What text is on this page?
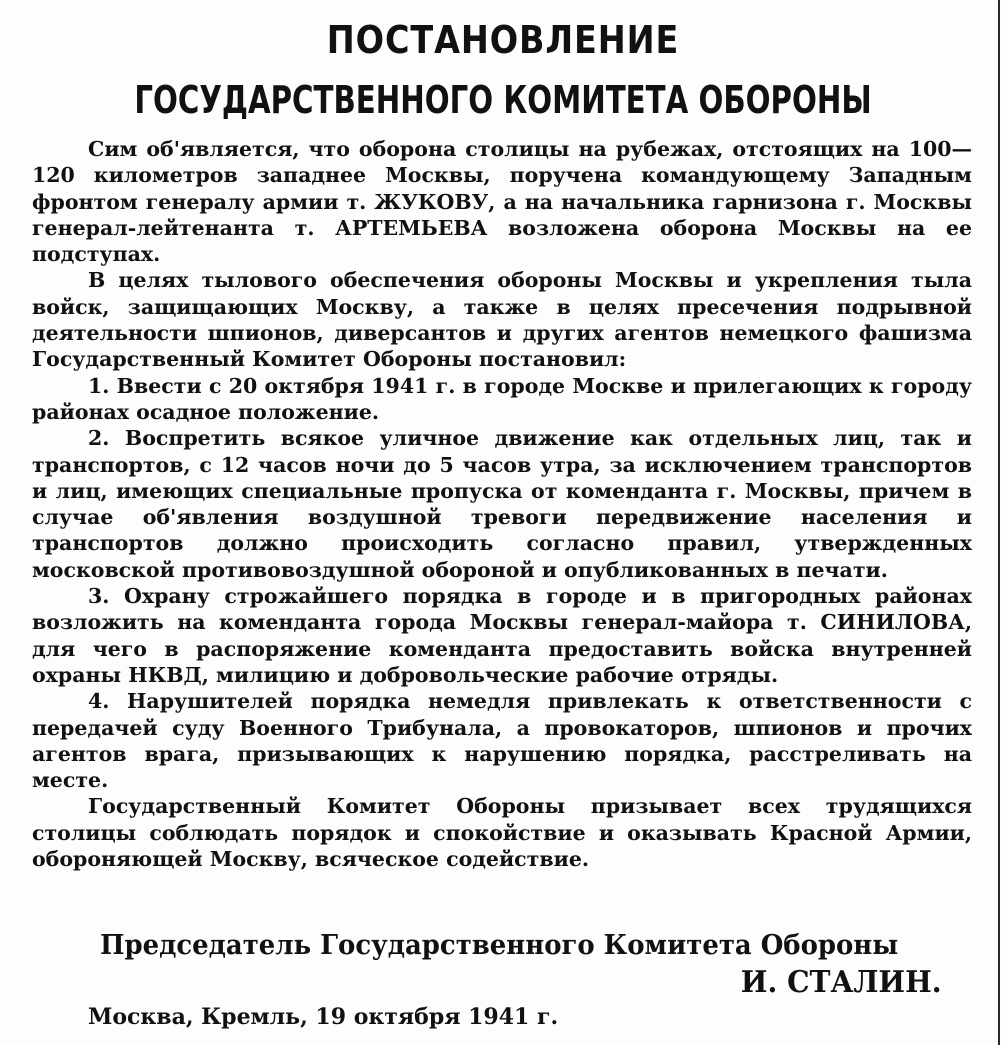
ПОСТАНОВЛЕНИЕ
ГОСУДАРСТВЕННОГО КОМИТЕТА ОБОРОНЫ

Сим об'является, что оборона столицы на рубежах, отстоящих на 100—120 километров западнее Москвы, поручена командующему Западным фронтом генералу армии т. ЖУКОВУ, а на начальника гарнизона г. Москвы генерал-лейтенанта т. АРТЕМЬЕВА возложена оборона Москвы на ее подступах.

В целях тылового обеспечения обороны Москвы и укрепления тыла войск, защищающих Москву, а также в целях пресечения подрывной деятельности шпионов, диверсантов и других агентов немецкого фашизма Государственный Комитет Обороны постановил:

1. Ввести с 20 октября 1941 г. в городе Москве и прилегающих к городу районах осадное положение.

2. Воспретить всякое уличное движение как отдельных лиц, так и транспортов, с 12 часов ночи до 5 часов утра, за исключением транспортов и лиц, имеющих специальные пропуска от коменданта г. Москвы, причем в случае об'явления воздушной тревоги передвижение населения и транспортов должно происходить согласно правил, утвержденных московской противовоздушной обороной и опубликованных в печати.

3. Охрану строжайшего порядка в городе и в пригородных районах возложить на коменданта города Москвы генерал-майора т. СИНИЛОВА, для чего в распоряжение коменданта предоставить войска внутренней охраны НКВД, милицию и добровольческие рабочие отряды.

4. Нарушителей порядка немедля привлекать к ответственности с передачей суду Военного Трибунала, а провокаторов, шпионов и прочих агентов врага, призывающих к нарушению порядка, расстреливать на месте.

Государственный Комитет Обороны призывает всех трудящихся столицы соблюдать порядок и спокойствие и оказывать Красной Армии, обороняющей Москву, всяческое содействие.

Председатель Государственного Комитета Обороны
И. СТАЛИН.
Москва, Кремль, 19 октября 1941 г.
